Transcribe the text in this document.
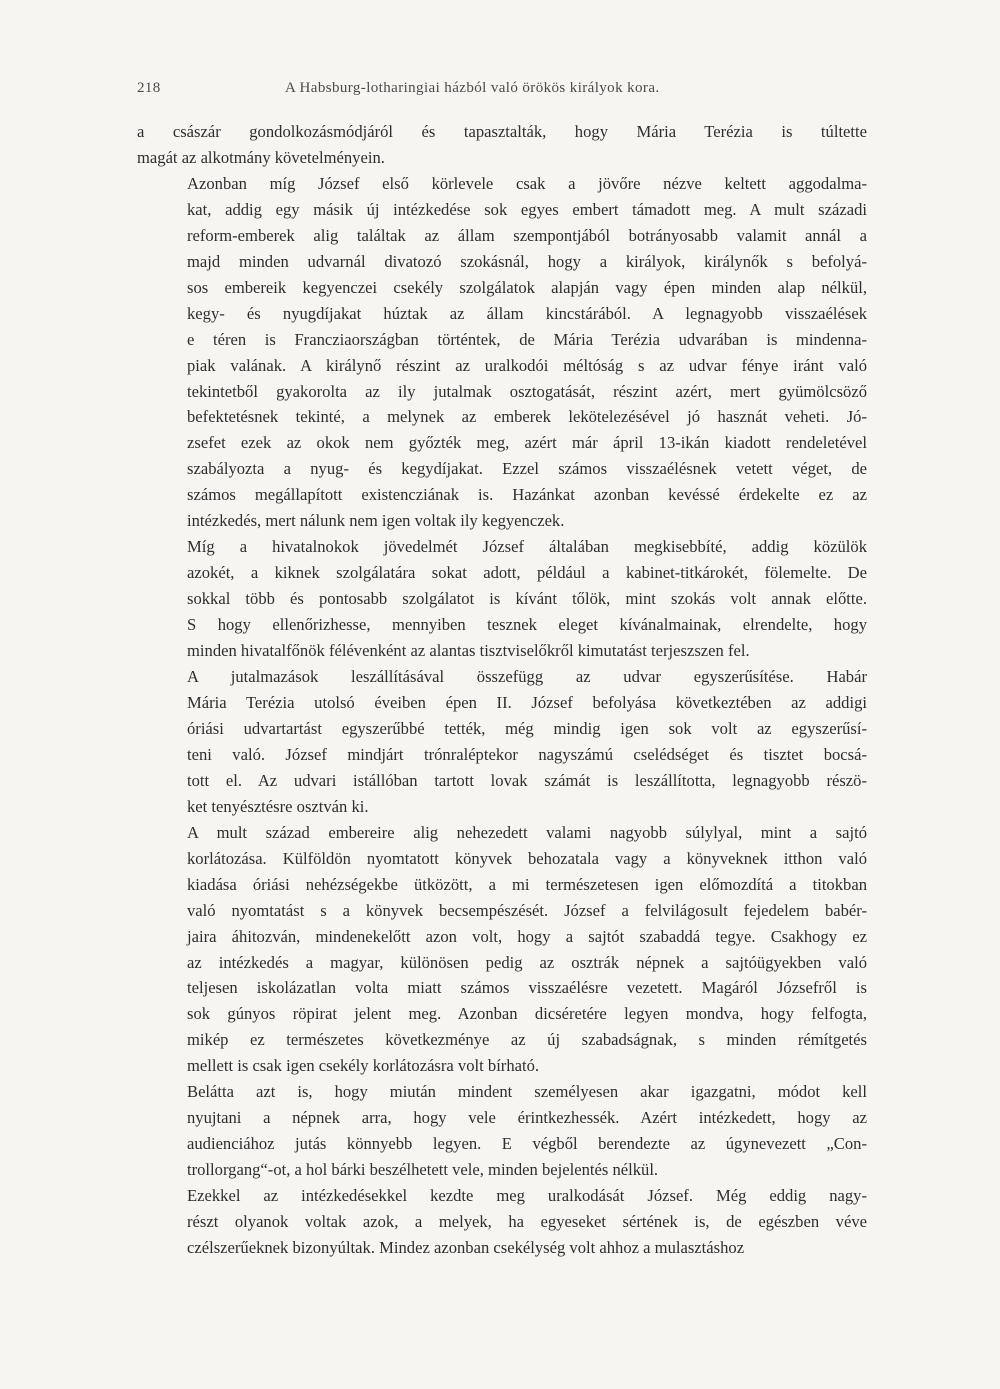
218	A Habsburg-lotharingiai házból való örökös királyok kora.

a császár gondolkozásmódjáról és tapasztalták, hogy Mária Terézia is túltette
magát az alkotmány követelményein.

Azonban míg József első körlevele csak a jövőre nézve keltett aggodalma-
kat, addig egy másik új intézkedése sok egyes embert támadott meg. A mult századi
reform-emberek alig találtak az állam szempontjából botrányosabb valamit annál a
majd minden udvarnál divatozó szokásnál, hogy a királyok, királynők s befolyá-
sos embereik kegyenczei csekély szolgálatok alapján vagy épen minden alap nélkül,
kegy- és nyugdíjakat húztak az állam kincstárából. A legnagyobb visszaélések
e téren is Francziaországban történtek, de Mária Terézia udvarában is mindenna-
piak valának. A királynő részint az uralkodói méltóság s az udvar fénye iránt való
tekintetből gyakorolta az ily jutalmak osztogatását, részint azért, mert gyümölcsöző
befektetésnek tekinté, a melynek az emberek lekötelezésével jó hasznát veheti. Jó-
zsefet ezek az okok nem győzték meg, azért már ápril 13-ikán kiadott rendeletével
szabályozta a nyug- és kegydíjakat. Ezzel számos visszaélésnek vetett véget, de
számos megállapított existencziának is. Hazánkat azonban kevéssé érdekelte ez az
intézkedés, mert nálunk nem igen voltak ily kegyenczek.

Míg a hivatalnokok jövedelmét József általában megkisebbíté, addig közülök
azokét, a kiknek szolgálatára sokat adott, például a kabinet-titkárokét, fölemelte. De
sokkal több és pontosabb szolgálatot is kívánt tőlök, mint szokás volt annak előtte.
S hogy ellenőrizhesse, mennyiben tesznek eleget kívánalmainak, elrendelte, hogy
minden hivatalfőnök félévenként az alantas tisztviselőkről kimutatást terjeszszen fel.

A jutalmazások leszállításával összefügg az udvar egyszerűsítése. Habár
Mária Terézia utolsó éveiben épen II. József befolyása következtében az addigi
óriási udvartartást egyszerűbbé tették, még mindig igen sok volt az egyszerűsí-
teni való. József mindjárt trónraléptekor nagyszámú cselédséget és tisztet bocsá-
tott el. Az udvari istállóban tartott lovak számát is leszállította, legnagyobb részö-
ket tenyésztésre osztván ki.

A mult század embereire alig nehezedett valami nagyobb súlylyal, mint a sajtó
korlátozása. Külföldön nyomtatott könyvek behozatala vagy a könyveknek itthon való
kiadása óriási nehézségekbe ütközött, a mi természetesen igen előmozdítá a titokban
való nyomtatást s a könyvek becsempészését. József a felvilágosult fejedelem babér-
jaira áhitozván, mindenekelőtt azon volt, hogy a sajtót szabaddá tegye. Csakhogy ez
az intézkedés a magyar, különösen pedig az osztrák népnek a sajtóügyekben való
teljesen iskolázatlan volta miatt számos visszaélésre vezetett. Magáról Józsefről is
sok gúnyos röpirat jelent meg. Azonban dicséretére legyen mondva, hogy felfogta,
mikép ez természetes következménye az új szabadságnak, s minden rémítgetés
mellett is csak igen csekély korlátozásra volt bírható.

Belátta azt is, hogy miután mindent személyesen akar igazgatni, módot kell
nyujtani a népnek arra, hogy vele érintkezhessék. Azért intézkedett, hogy az
audienciához jutás könnyebb legyen. E végből berendezte az úgynevezett „Con-
trollorgang“-ot, a hol bárki beszélhetett vele, minden bejelentés nélkül.

Ezekkel az intézkedésekkel kezdte meg uralkodását József. Még eddig nagy-
részt olyanok voltak azok, a melyek, ha egyeseket sértének is, de egészben véve
czélszerűeknek bizonyúltak. Mindez azonban csekélység volt ahhoz a mulasztáshoz
